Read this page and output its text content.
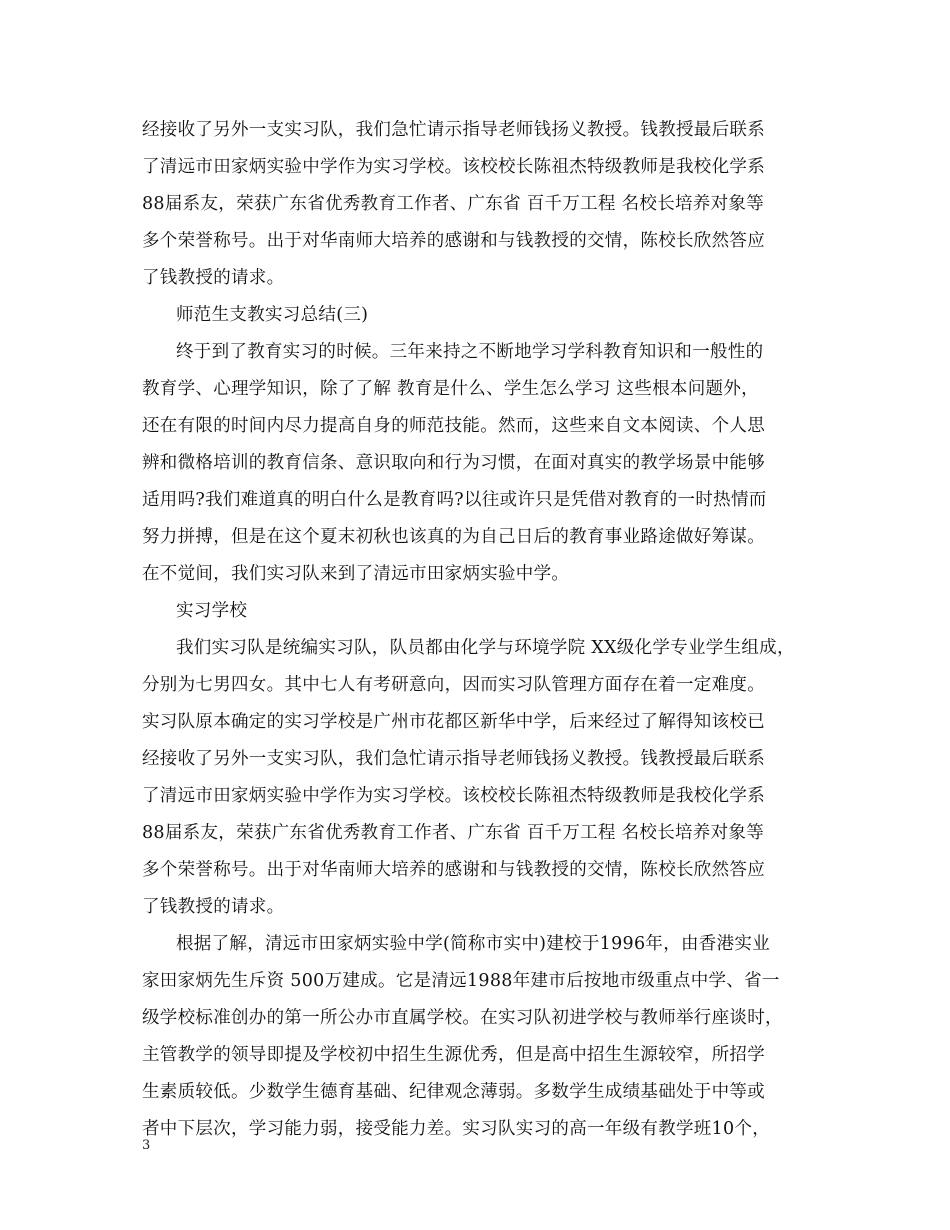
经接收了另外一支实习队，我们急忙请示指导老师钱扬义教授。钱教授最后联系
了清远市田家炳实验中学作为实习学校。该校校长陈祖杰特级教师是我校化学系
88届系友，荣获广东省优秀教育工作者、广东省 百千万工程 名校长培养对象等
多个荣誉称号。出于对华南师大培养的感谢和与钱教授的交情，陈校长欣然答应
了钱教授的请求。
师范生支教实习总结(三)
终于到了教育实习的时候。三年来持之不断地学习学科教育知识和一般性的
教育学、心理学知识，除了了解 教育是什么、学生怎么学习 这些根本问题外，
还在有限的时间内尽力提高自身的师范技能。然而，这些来自文本阅读、个人思
辨和微格培训的教育信条、意识取向和行为习惯，在面对真实的教学场景中能够
适用吗?我们难道真的明白什么是教育吗?以往或许只是凭借对教育的一时热情而
努力拼搏，但是在这个夏末初秋也该真的为自己日后的教育事业路途做好筹谋。
在不觉间，我们实习队来到了清远市田家炳实验中学。
实习学校
我们实习队是统编实习队，队员都由化学与环境学院 XX级化学专业学生组成，
分别为七男四女。其中七人有考研意向，因而实习队管理方面存在着一定难度。
实习队原本确定的实习学校是广州市花都区新华中学，后来经过了解得知该校已
经接收了另外一支实习队，我们急忙请示指导老师钱扬义教授。钱教授最后联系
了清远市田家炳实验中学作为实习学校。该校校长陈祖杰特级教师是我校化学系
88届系友，荣获广东省优秀教育工作者、广东省 百千万工程 名校长培养对象等
多个荣誉称号。出于对华南师大培养的感谢和与钱教授的交情，陈校长欣然答应
了钱教授的请求。
根据了解，清远市田家炳实验中学(简称市实中)建校于1996年，由香港实业
家田家炳先生斥资 500万建成。它是清远1988年建市后按地市级重点中学、省一
级学校标准创办的第一所公办市直属学校。在实习队初进学校与教师举行座谈时，
主管教学的领导即提及学校初中招生生源优秀，但是高中招生生源较窄，所招学
生素质较低。少数学生德育基础、纪律观念薄弱。多数学生成绩基础处于中等或
者中下层次，学习能力弱，接受能力差。实习队实习的高一年级有教学班10个，
3
